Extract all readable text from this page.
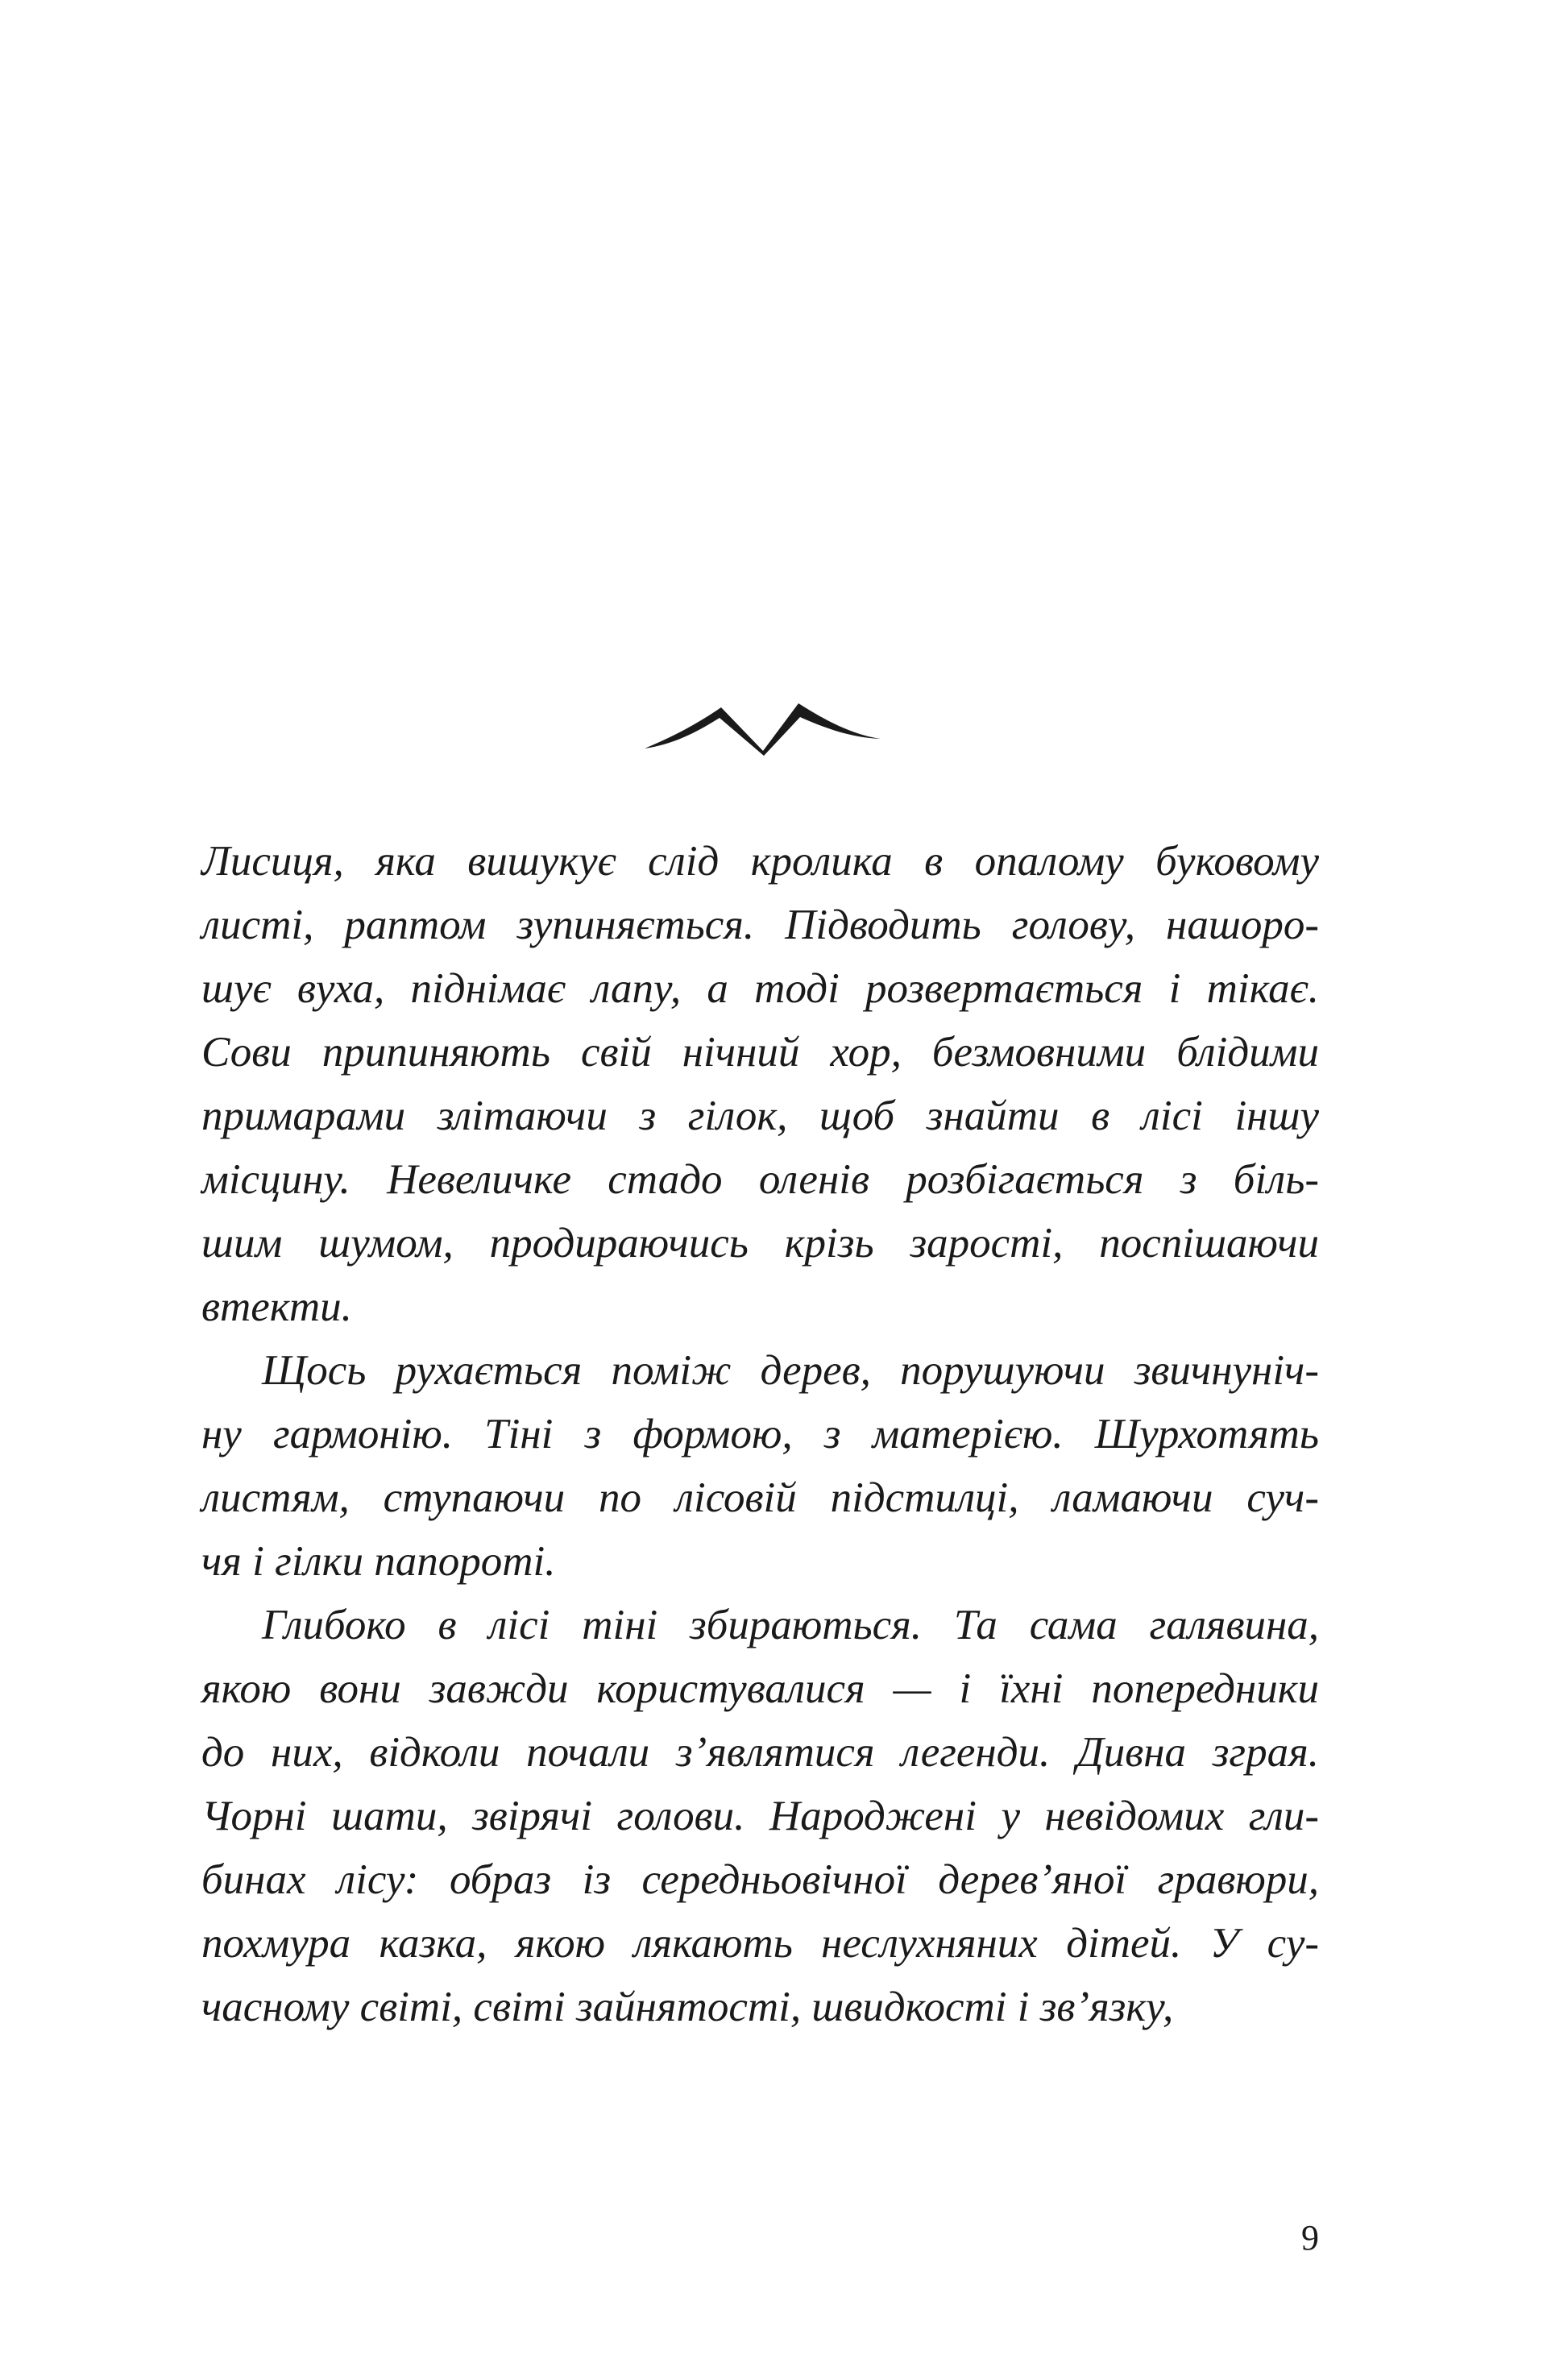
Лисиця, яка вишукує слід кролика в опалому буковому
листі, раптом зупиняється. Підводить голову, нашоро-
шує вуха, піднімає лапу, а тоді розвертається і тікає.
Сови припиняють свій нічний хор, безмовними блідими
примарами злітаючи з гілок, щоб знайти в лісі іншу
місцину. Невеличке стадо оленів розбігається з біль-
шим шумом, продираючись крізь зарості, поспішаючи
втекти.
Щось рухається поміж дерев, порушуючи звичнуніч-
ну гармонію. Тіні з формою, з матерією. Шурхотять
листям, ступаючи по лісовій підстилці, ламаючи суч-
чя і гілки папороті.
Глибоко в лісі тіні збираються. Та сама галявина,
якою вони завжди користувалися — і їхні попередники
до них, відколи почали з’являтися легенди. Дивна зграя.
Чорні шати, звірячі голови. Народжені у невідомих гли-
бинах лісу: образ із середньовічної дерев’яної гравюри,
похмура казка, якою лякають неслухняних дітей. У су-
часному світі, світі зайнятості, швидкості і зв’язку,
9
